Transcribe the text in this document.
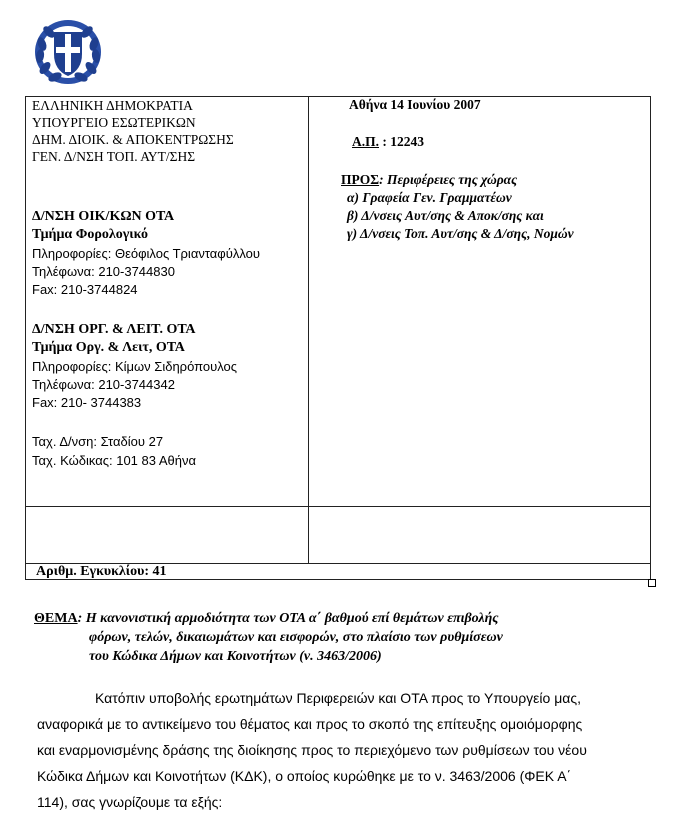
ΕΛΛΗΝΙΚΗ ΔΗΜΟΚΡΑΤΙΑ
ΥΠΟΥΡΓΕΙΟ ΕΣΩΤΕΡΙΚΩΝ
ΔΗΜ. ΔΙΟΙΚ. & ΑΠΟΚΕΝΤΡΩΣΗΣ
ΓΕΝ. Δ/ΝΣΗ ΤΟΠ. ΑΥΤ/ΣΗΣ
Δ/ΝΣΗ ΟΙΚ/ΚΩΝ ΟΤΑ
Τμήμα Φορολογικό
Πληροφορίες: Θεόφιλος Τριανταφύλλου
Τηλέφωνα: 210-3744830
Fax: 210-3744824
Δ/ΝΣΗ ΟΡΓ. & ΛΕΙΤ. ΟΤΑ
Τμήμα Οργ. & Λειτ, ΟΤΑ
Πληροφορίες: Κίμων Σιδηρόπουλος
Τηλέφωνα: 210-3744342
Fax: 210- 3744383
Ταχ. Δ/νση: Σταδίου 27
Ταχ. Κώδικας: 101 83 Αθήνα
Αθήνα 14 Ιουνίου 2007
Α.Π. : 12243
ΠΡΟΣ: Περιφέρειες της χώρας
α) Γραφεία Γεν. Γραμματέων
β) Δ/νσεις Αυτ/σης & Αποκ/σης και
γ) Δ/νσεις Τοπ. Αυτ/σης & Δ/σης, Νομών
Αριθμ. Εγκυκλίου: 41
ΘΕΜΑ: Η κανονιστική αρμοδιότητα των ΟΤΑ α΄ βαθμού επί θεμάτων επιβολής
φόρων, τελών, δικαιωμάτων και εισφορών, στο πλαίσιο των ρυθμίσεων
του Κώδικα Δήμων και Κοινοτήτων (ν. 3463/2006)
Κατόπιν υποβολής ερωτημάτων Περιφερειών και ΟΤΑ προς το Υπουργείο μας,
αναφορικά με το αντικείμενο του θέματος και προς το σκοπό της επίτευξης ομοιόμορφης
και εναρμονισμένης δράσης της διοίκησης προς το περιεχόμενο των ρυθμίσεων του νέου
Κώδικα Δήμων και Κοινοτήτων (ΚΔΚ), ο οποίος κυρώθηκε με το ν. 3463/2006 (ΦΕΚ Α΄
114), σας γνωρίζουμε τα εξής:
